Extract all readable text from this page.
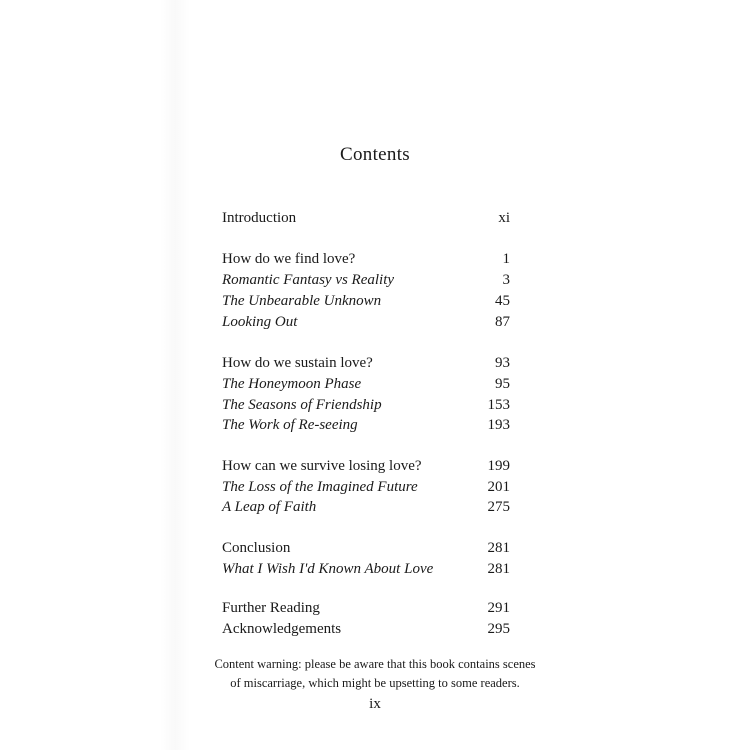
Contents
Introduction	xi
How do we find love?	1
Romantic Fantasy vs Reality	3
The Unbearable Unknown	45
Looking Out	87
How do we sustain love?	93
The Honeymoon Phase	95
The Seasons of Friendship	153
The Work of Re-seeing	193
How can we survive losing love?	199
The Loss of the Imagined Future	201
A Leap of Faith	275
Conclusion	281
What I Wish I'd Known About Love	281
Further Reading	291
Acknowledgements	295
Content warning: please be aware that this book contains scenes
of miscarriage, which might be upsetting to some readers.
ix
